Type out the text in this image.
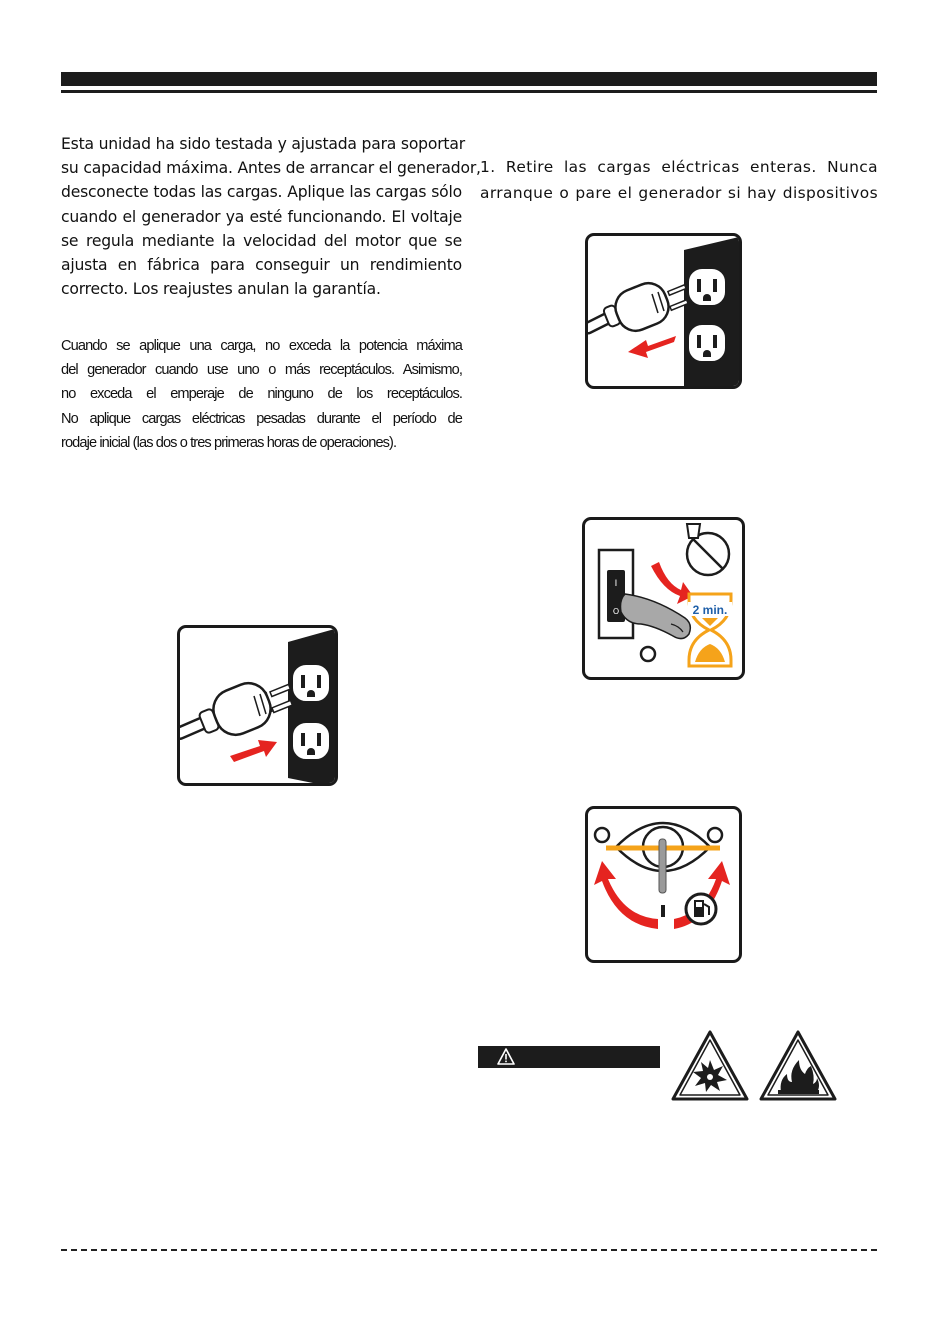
Esta unidad ha sido testada y ajustada para soportar
su capacidad máxima. Antes de arrancar el generador,
desconecte todas las cargas. Aplique las cargas sólo
cuando el generador ya esté funcionando. El voltaje
se regula mediante la velocidad del motor que se
ajusta en fábrica para conseguir un rendimiento
correcto. Los reajustes anulan la garantía.
Cuando se aplique una carga, no exceda la potencia máxima
del generador cuando use uno o más receptáculos. Asimismo,
no exceda el emperaje de ninguno de los receptáculos.
No aplique cargas eléctricas pesadas durante el período de
rodaje inicial (las dos o tres primeras horas de operaciones).
1. Retire las cargas eléctricas enteras. Nunca
arranque o pare el generador si hay dispositivos
I
O	2 min.
